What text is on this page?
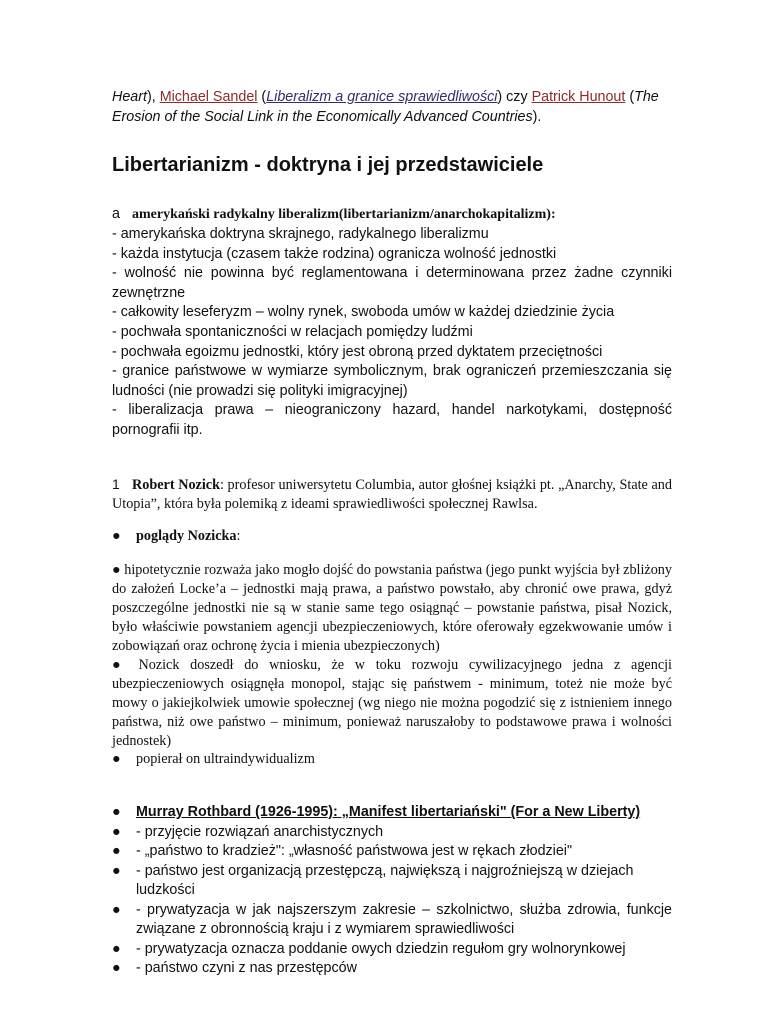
Heart), Michael Sandel (Liberalizm a granice sprawiedliwości) czy Patrick Hunout (The Erosion of the Social Link in the Economically Advanced Countries).
Libertarianizm - doktryna i jej przedstawiciele
a amerykański radykalny liberalizm(libertarianizm/anarchokapitalizm):
- amerykańska doktryna skrajnego, radykalnego liberalizmu
- każda instytucja (czasem także rodzina) ogranicza wolność jednostki
- wolność nie powinna być reglamentowana i determinowana przez żadne czynniki zewnętrzne
- całkowity leseferyzm – wolny rynek, swoboda umów w każdej dziedzinie życia
- pochwała spontaniczności w relacjach pomiędzy ludźmi
- pochwała egoizmu jednostki, który jest obroną przed dyktatem przeciętności
- granice państwowe w wymiarze symbolicznym, brak ograniczeń przemieszczania się ludności (nie prowadzi się polityki imigracyjnej)
- liberalizacja prawa – nieograniczony hazard, handel narkotykami, dostępność pornografii itp.
1 Robert Nozick: profesor uniwersytetu Columbia, autor głośnej książki pt. „Anarchy, State and Utopia”, która była polemiką z ideami sprawiedliwości społecznej Rawlsa.
● poglądy Nozicka:
● hipotetycznie rozważa jako mogło dojść do powstania państwa (jego punkt wyjścia był zbliżony do założeń Locke’a – jednostki mają prawa, a państwo powstało, aby chronić owe prawa, gdyż poszczególne jednostki nie są w stanie same tego osiągnąć – powstanie państwa, pisał Nozick, było właściwie powstaniem agencji ubezpieczeniowych, które oferowały egzekwowanie umów i zobowiązań oraz ochronę życia i mienia ubezpieczonych)
● Nozick doszedł do wniosku, że w toku rozwoju cywilizacyjnego jedna z agencji ubezpieczeniowych osiągnęła monopol, stając się państwem - minimum, toteż nie może być mowy o jakiejkolwiek umowie społecznej (wg niego nie można pogodzić się z istnieniem innego państwa, niż owe państwo – minimum, ponieważ naruszałoby to podstawowe prawa i wolności jednostek)
● popierał on ultraindywidualizm
●	Murray Rothbard (1926-1995): „Manifest libertariański" (For a New Liberty)
●	- przyjęcie rozwiązań anarchistycznych
●	- „państwo to kradzież": „własność państwowa jest w rękach złodziei"
●	- państwo jest organizacją przestępczą, największą i najgroźniejszą w dziejach ludzkości
●	- prywatyzacja w jak najszerszym zakresie – szkolnictwo, służba zdrowia, funkcje związane z obronnością kraju i z wymiarem sprawiedliwości
●	- prywatyzacja oznacza poddanie owych dziedzin regułom gry wolnorynkowej
●	- państwo czyni z nas przestępców
